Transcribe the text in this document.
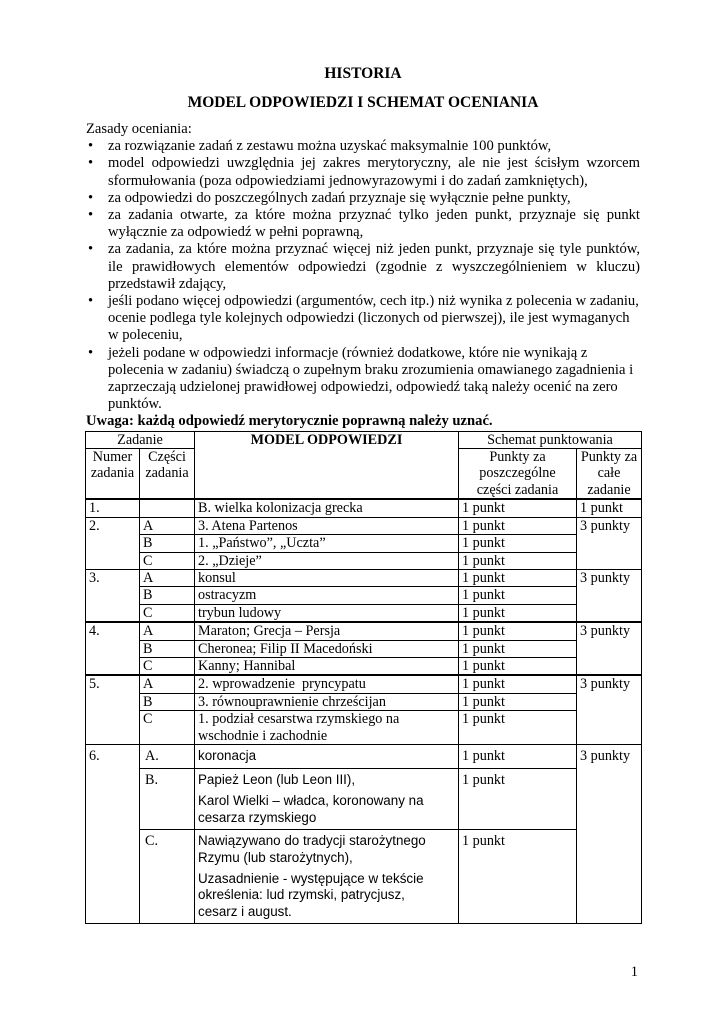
HISTORIA
MODEL ODPOWIEDZI I SCHEMAT OCENIANIA

Zasady oceniania:

• za rozwiązanie zadań z zestawu można uzyskać maksymalnie 100 punktów,
• model odpowiedzi uwzględnia jej zakres merytoryczny, ale nie jest ścisłym wzorcem sformułowania (poza odpowiedziami jednowyrazowymi i do zadań zamkniętych),
• za odpowiedzi do poszczególnych zadań przyznaje się wyłącznie pełne punkty,
• za zadania otwarte, za które można przyznać tylko jeden punkt, przyznaje się punkt wyłącznie za odpowiedź w pełni poprawną,
• za zadania, za które można przyznać więcej niż jeden punkt, przyznaje się tyle punktów, ile prawidłowych elementów odpowiedzi (zgodnie z wyszczególnieniem w kluczu) przedstawił zdający,
• jeśli podano więcej odpowiedzi (argumentów, cech itp.) niż wynika z polecenia w zadaniu, ocenie podlega tyle kolejnych odpowiedzi (liczonych od pierwszej), ile jest wymaganych w poleceniu,
• jeżeli podane w odpowiedzi informacje (również dodatkowe, które nie wynikają z polecenia w zadaniu) świadczą o zupełnym braku zrozumienia omawianego zagadnienia i zaprzeczają udzielonej prawidłowej odpowiedzi, odpowiedź taką należy ocenić na zero punktów.

Uwaga: każdą odpowiedź merytorycznie poprawną należy uznać.

Zadanie		MODEL ODPOWIEDZI	Schemat punktowania	
Numer zadania	Części zadania		Punkty za poszczególne części zadania	Punkty za całe zadanie
1.		B. wielka kolonizacja grecka	1 punkt	1 punkt
2.	A	3. Atena Partenos	1 punkt	3 punkty
	B	1. „Państwo”, „Uczta”	1 punkt	
	C	2. „Dzieje”	1 punkt	
3.	A	konsul	1 punkt	3 punkty
	B	ostracyzm	1 punkt	
	C	trybun ludowy	1 punkt	
4.	A	Maraton; Grecja – Persja	1 punkt	3 punkty
	B	Cheronea; Filip II Macedoński	1 punkt	
	C	Kanny; Hannibal	1 punkt	
5.	A	2. wprowadzenie  pryncypatu	1 punkt	3 punkty
	B	3. równouprawnienie chrześcijan	1 punkt	
	C	1. podział cesarstwa rzymskiego na wschodnie i zachodnie	1 punkt	
6.	A.	koronacja	1 punkt	3 punkty
	B.	Papież Leon (lub Leon III),

Karol Wielki – władca, koronowany na cesarza rzymskiego	1 punkt	
	C.	Nawiązywano do tradycji starożytnego Rzymu (lub starożytnych),

Uzasadnienie - występujące w tekście określenia: lud rzymski, patrycjusz, cesarz i august.	1 punkt	
1
